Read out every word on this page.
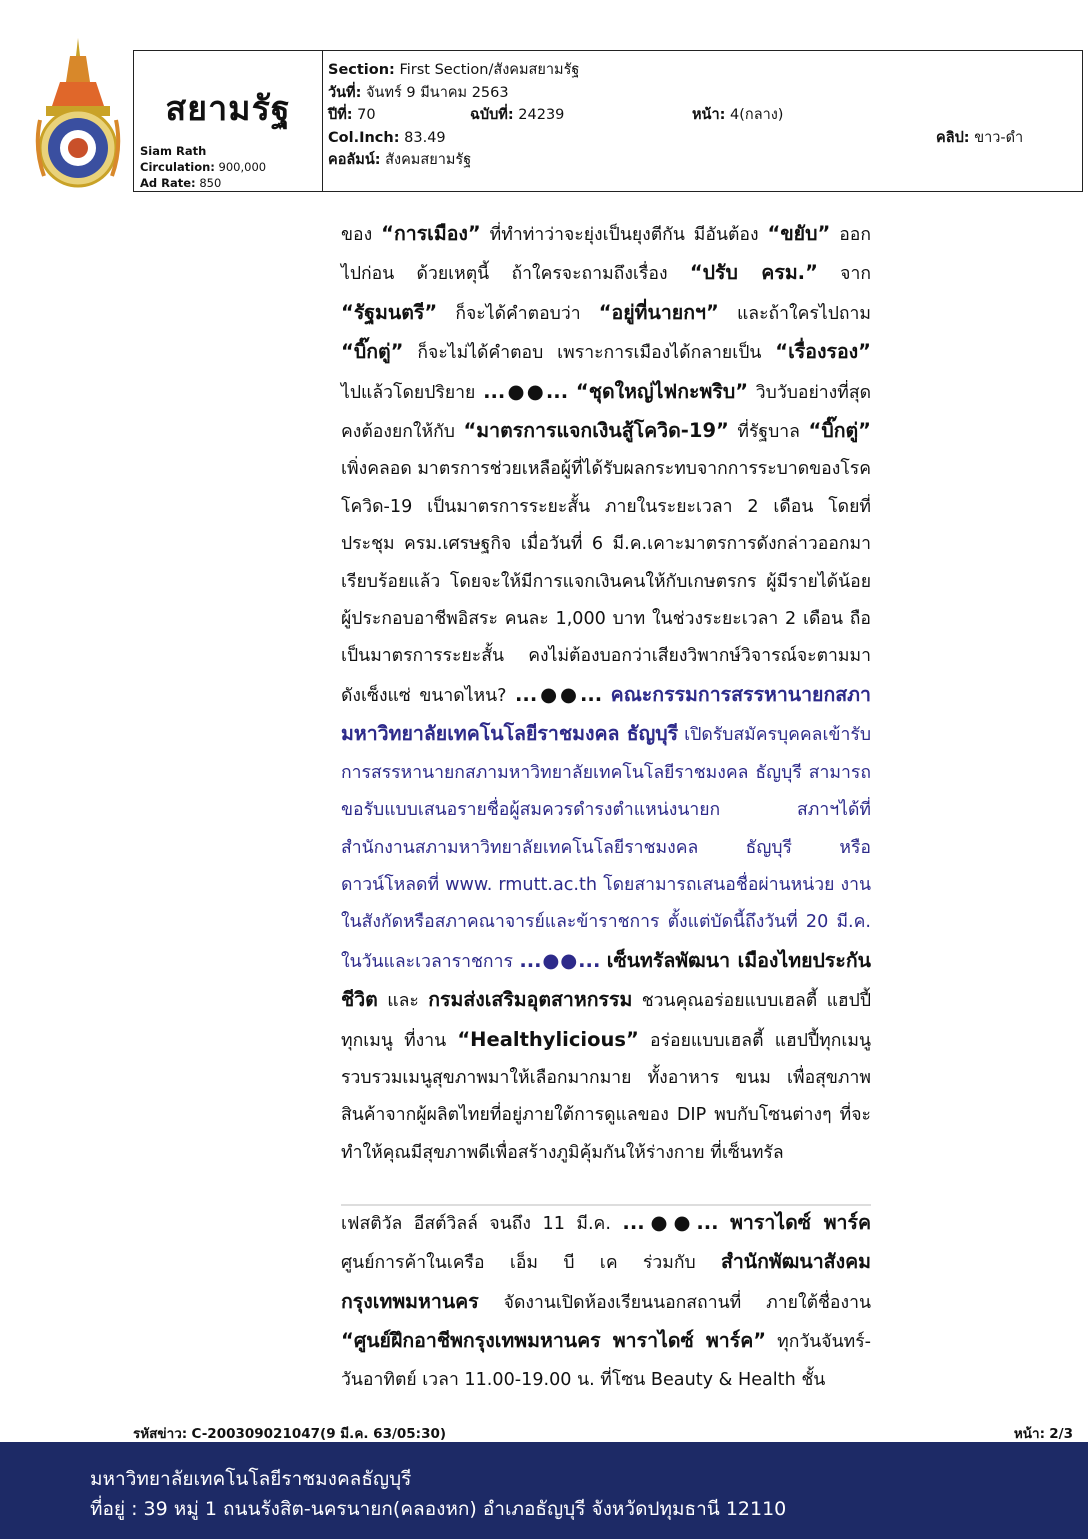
สยามรัฐ
Siam Rath
Circulation: 900,000
Ad Rate: 850
Section: First Section/สังคมสยามรัฐ
วันที่: จันทร์ 9 มีนาคม 2563
ปีที่: 70	ฉบับที่: 24239	หน้า: 4(กลาง)
Col.Inch: 83.49	คลิป: ขาว-ดำ
คอลัมน์: สังคมสยามรัฐ

ของ “การเมือง” ที่ทำท่าว่าจะยุ่งเป็นยุงตีกัน มีอันต้อง “ขยับ” ออกไปก่อน ด้วยเหตุนี้ ถ้าใครจะถามถึงเรื่อง “ปรับ ครม.” จาก “รัฐมนตรี” ก็จะได้คำตอบว่า “อยู่ที่นายกฯ” และถ้าใครไปถาม “บิ๊กตู่” ก็จะไม่ได้คำตอบ เพราะการเมืองได้กลายเป็น “เรื่องรอง” ไปแล้วโดยปริยาย ...●●... “ชุดใหญ่ไฟกะพริบ” วิบวับอย่างที่สุด คงต้องยกให้กับ “มาตรการแจกเงินสู้โควิด-19” ที่รัฐบาล “บิ๊กตู่” เพิ่งคลอด มาตรการช่วยเหลือผู้ที่ได้รับผลกระทบจากการระบาดของโรคโควิด-19 เป็นมาตรการระยะสั้น ภายในระยะเวลา 2 เดือน โดยที่ประชุม ครม.เศรษฐกิจ เมื่อวันที่ 6 มี.ค.เคาะมาตรการดังกล่าวออกมาเรียบร้อยแล้ว โดยจะให้มีการแจกเงินคนให้กับเกษตรกร ผู้มีรายได้น้อย ผู้ประกอบอาชีพอิสระ คนละ 1,000 บาท ในช่วงระยะเวลา 2 เดือน ถือเป็นมาตรการระยะสั้น คงไม่ต้องบอกว่าเสียงวิพากษ์วิจารณ์จะตามมาดังเซ็งแซ่ ขนาดไหน? ...●●... คณะกรรมการสรรหานายกสภามหาวิทยาลัยเทคโนโลยีราชมงคล ธัญบุรี เปิดรับสมัครบุคคลเข้ารับการสรรหานายกสภามหาวิทยาลัยเทคโนโลยีราชมงคล ธัญบุรี สามารถขอรับแบบเสนอรายชื่อผู้สมควรดำรงตำแหน่งนายก สภาฯได้ที่สำนักงานสภามหาวิทยาลัยเทคโนโลยีราชมงคล ธัญบุรี หรือดาวน์โหลดที่ www. rmutt.ac.th โดยสามารถเสนอชื่อผ่านหน่วย งานในสังกัดหรือสภาคณาจารย์และข้าราชการ ตั้งแต่บัดนี้ถึงวันที่ 20 มี.ค. ในวันและเวลาราชการ ...●●... เซ็นทรัลพัฒนา เมืองไทยประกันชีวิต และ กรมส่งเสริมอุตสาหกรรม ชวนคุณอร่อยแบบเฮลตี้ แฮปปี้ทุกเมนู ที่งาน “Healthylicious” อร่อยแบบเฮลตี้ แฮปปี้ทุกเมนู รวบรวมเมนูสุขภาพมาให้เลือกมากมาย ทั้งอาหาร ขนม เพื่อสุขภาพ สินค้าจากผู้ผลิตไทยที่อยู่ภายใต้การดูแลของ DIP พบกับโซนต่างๆ ที่จะทำให้คุณมีสุขภาพดีเพื่อสร้างภูมิคุ้มกันให้ร่างกาย ที่เซ็นทรัล

เฟสติวัล อีสต์วิลล์ จนถึง 11 มี.ค. ...●●... พาราไดซ์ พาร์ค ศูนย์การค้าในเครือ เอ็ม บี เค ร่วมกับ สำนักพัฒนาสังคมกรุงเทพมหานคร จัดงานเปิดห้องเรียนนอกสถานที่ ภายใต้ชื่องาน “ศูนย์ฝึกอาชีพกรุงเทพมหานคร พาราไดซ์ พาร์ค” ทุกวันจันทร์-วันอาทิตย์ เวลา 11.00-19.00 น. ที่โซน Beauty & Health ชั้น

รหัสข่าว: C-200309021047(9 มี.ค. 63/05:30)	หน้า: 2/3
มหาวิทยาลัยเทคโนโลยีราชมงคลธัญบุรี
ที่อยู่ : 39 หมู่ 1 ถนนรังสิต-นครนายก(คลองหก) อำเภอธัญบุรี จังหวัดปทุมธานี 12110
